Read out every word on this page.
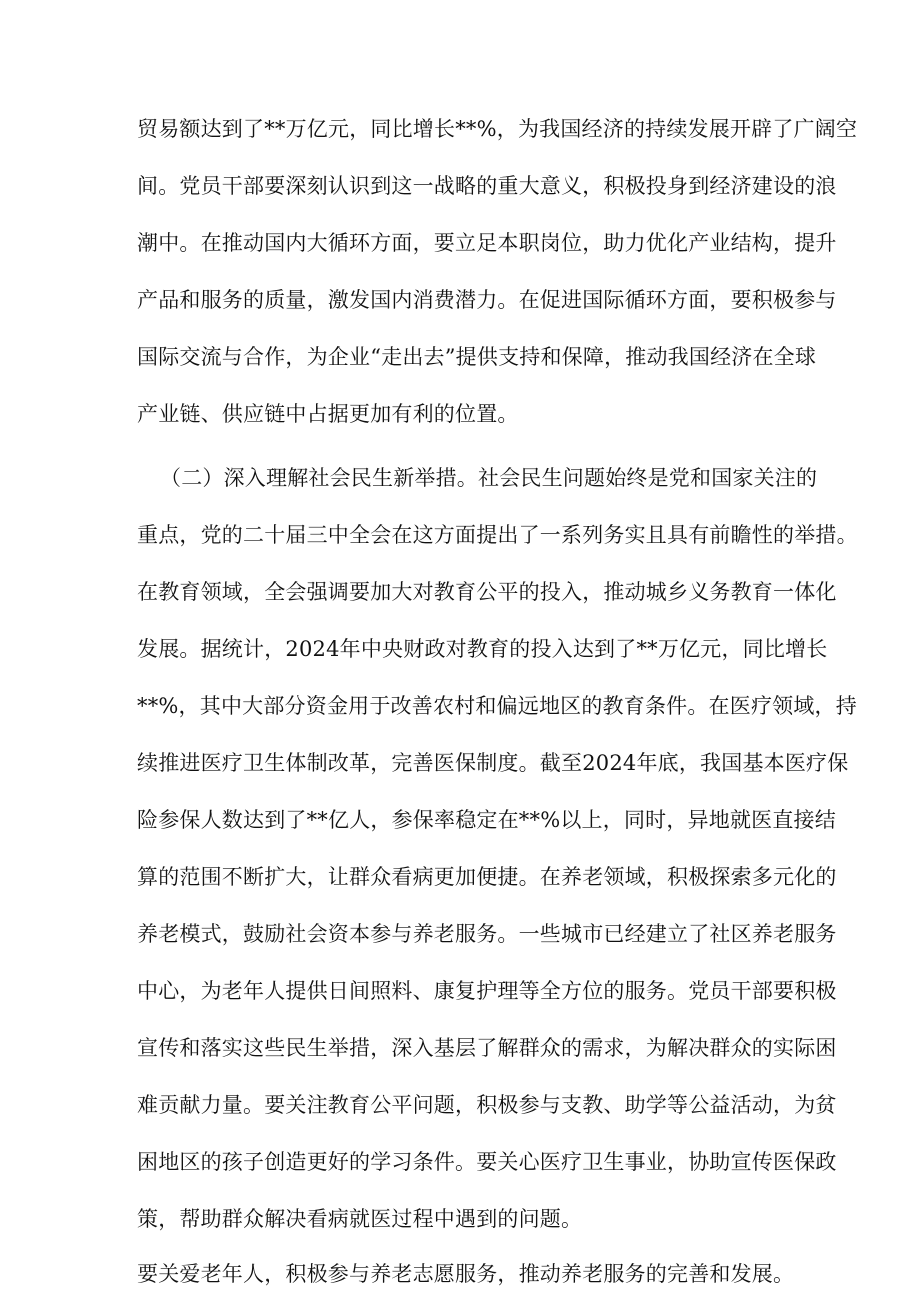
贸易额达到了**万亿元，同比增长**%，为我国经济的持续发展开辟了广阔空
间。党员干部要深刻认识到这一战略的重大意义，积极投身到经济建设的浪
潮中。在推动国内大循环方面，要立足本职岗位，助力优化产业结构，提升
产品和服务的质量，激发国内消费潜力。在促进国际循环方面，要积极参与
国际交流与合作，为企业“走出去”提供支持和保障，推动我国经济在全球
产业链、供应链中占据更加有利的位置。
（二）深入理解社会民生新举措。社会民生问题始终是党和国家关注的
重点，党的二十届三中全会在这方面提出了一系列务实且具有前瞻性的举措。
在教育领域，全会强调要加大对教育公平的投入，推动城乡义务教育一体化
发展。据统计，2024年中央财政对教育的投入达到了**万亿元，同比增长
**%，其中大部分资金用于改善农村和偏远地区的教育条件。在医疗领域，持
续推进医疗卫生体制改革，完善医保制度。截至2024年底，我国基本医疗保
险参保人数达到了**亿人，参保率稳定在**%以上，同时，异地就医直接结
算的范围不断扩大，让群众看病更加便捷。在养老领域，积极探索多元化的
养老模式，鼓励社会资本参与养老服务。一些城市已经建立了社区养老服务
中心，为老年人提供日间照料、康复护理等全方位的服务。党员干部要积极
宣传和落实这些民生举措，深入基层了解群众的需求，为解决群众的实际困
难贡献力量。要关注教育公平问题，积极参与支教、助学等公益活动，为贫
困地区的孩子创造更好的学习条件。要关心医疗卫生事业，协助宣传医保政
策，帮助群众解决看病就医过程中遇到的问题。
要关爱老年人，积极参与养老志愿服务，推动养老服务的完善和发展。
